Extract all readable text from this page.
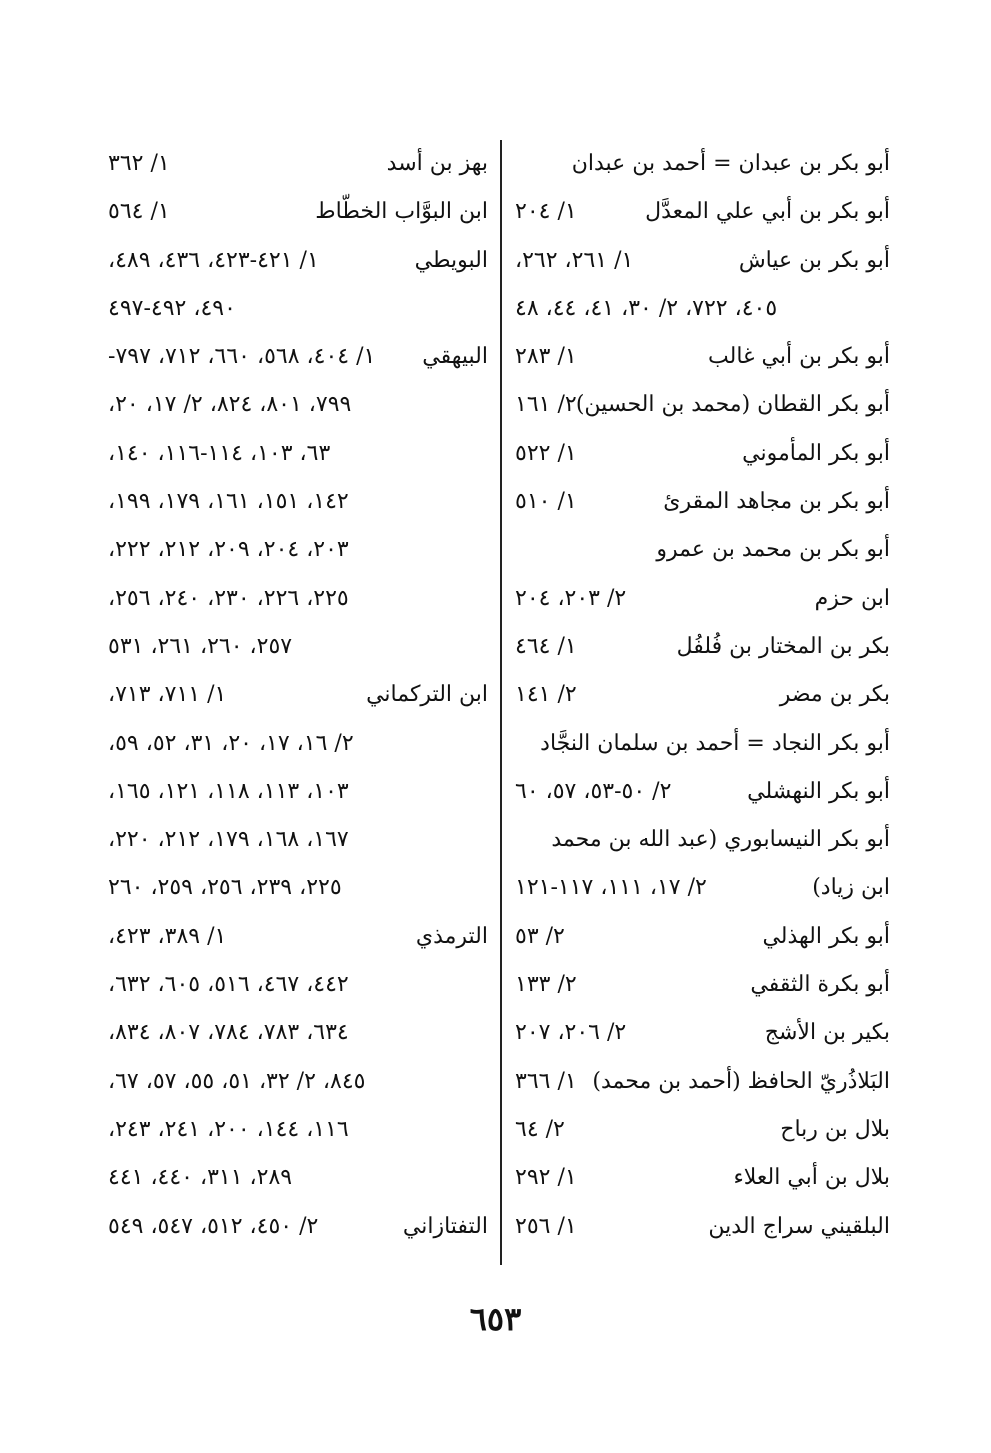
أبو بكر بن عبدان = أحمد بن عبدان
أبو بكر بن أبي علي المعدَّل
١/ ٢٠٤
أبو بكر بن عياش
١/ ٢٦١، ٢٦٢،
٤٠٥، ٧٢٢، ٢/ ٣٠، ٤١، ٤٤، ٤٨
أبو بكر بن أبي غالب
١/ ٢٨٣
أبو بكر القطان (محمد بن الحسين)
٢/ ١٦١
أبو بكر المأموني
١/ ٥٢٢
أبو بكر بن مجاهد المقرئ
١/ ٥١٠
أبو بكر بن محمد بن عمرو
ابن حزم
٢/ ٢٠٣، ٢٠٤
بكر بن المختار بن فُلفُل
١/ ٤٦٤
بكر بن مضر
٢/ ١٤١
أبو بكر النجاد = أحمد بن سلمان النجَّاد
أبو بكر النهشلي
٢/ ٥٠-٥٣، ٥٧، ٦٠
أبو بكر النيسابوري (عبد الله بن محمد
ابن زياد)
٢/ ١٧، ١١١، ١١٧-١٢١
أبو بكر الهذلي
٢/ ٥٣
أبو بكرة الثقفي
٢/ ١٣٣
بكير بن الأشج
٢/ ٢٠٦، ٢٠٧
البَلاذُريّ الحافظ (أحمد بن محمد)
١/ ٣٦٦
بلال بن رباح
٢/ ٦٤
بلال بن أبي العلاء
١/ ٢٩٢
البلقيني سراج الدين
١/ ٢٥٦
بهز بن أسد
١/ ٣٦٢
ابن البوَّاب الخطّاط
١/ ٥٦٤
البويطي
١/ ٤٢١-٤٢٣، ٤٣٦، ٤٨٩،
٤٩٠، ٤٩٢-٤٩٧
البيهقي
١/ ٤٠٤، ٥٦٨، ٦٦٠، ٧١٢، ٧٩٧-
٧٩٩، ٨٠١، ٨٢٤، ٢/ ١٧، ٢٠،
٦٣، ١٠٣، ١١٤-١١٦، ١٤٠،
١٤٢، ١٥١، ١٦١، ١٧٩، ١٩٩،
٢٠٣، ٢٠٤، ٢٠٩، ٢١٢، ٢٢٢،
٢٢٥، ٢٢٦، ٢٣٠، ٢٤٠، ٢٥٦،
٢٥٧، ٢٦٠، ٢٦١، ٥٣١
ابن التركماني
١/ ٧١١، ٧١٣،
٢/ ١٦، ١٧، ٢٠، ٣١، ٥٢، ٥٩،
١٠٣، ١١٣، ١١٨، ١٢١، ١٦٥،
١٦٧، ١٦٨، ١٧٩، ٢١٢، ٢٢٠،
٢٢٥، ٢٣٩، ٢٥٦، ٢٥٩، ٢٦٠
الترمذي
١/ ٣٨٩، ٤٢٣،
٤٤٢، ٤٦٧، ٥١٦، ٦٠٥، ٦٣٢،
٦٣٤، ٧٨٣، ٧٨٤، ٨٠٧، ٨٣٤،
٨٤٥، ٢/ ٣٢، ٥١، ٥٥، ٥٧، ٦٧،
١١٦، ١٤٤، ٢٠٠، ٢٤١، ٢٤٣،
٢٨٩، ٣١١، ٤٤٠، ٤٤١
التفتازاني
٢/ ٤٥٠، ٥١٢، ٥٤٧، ٥٤٩
٦٥٣
